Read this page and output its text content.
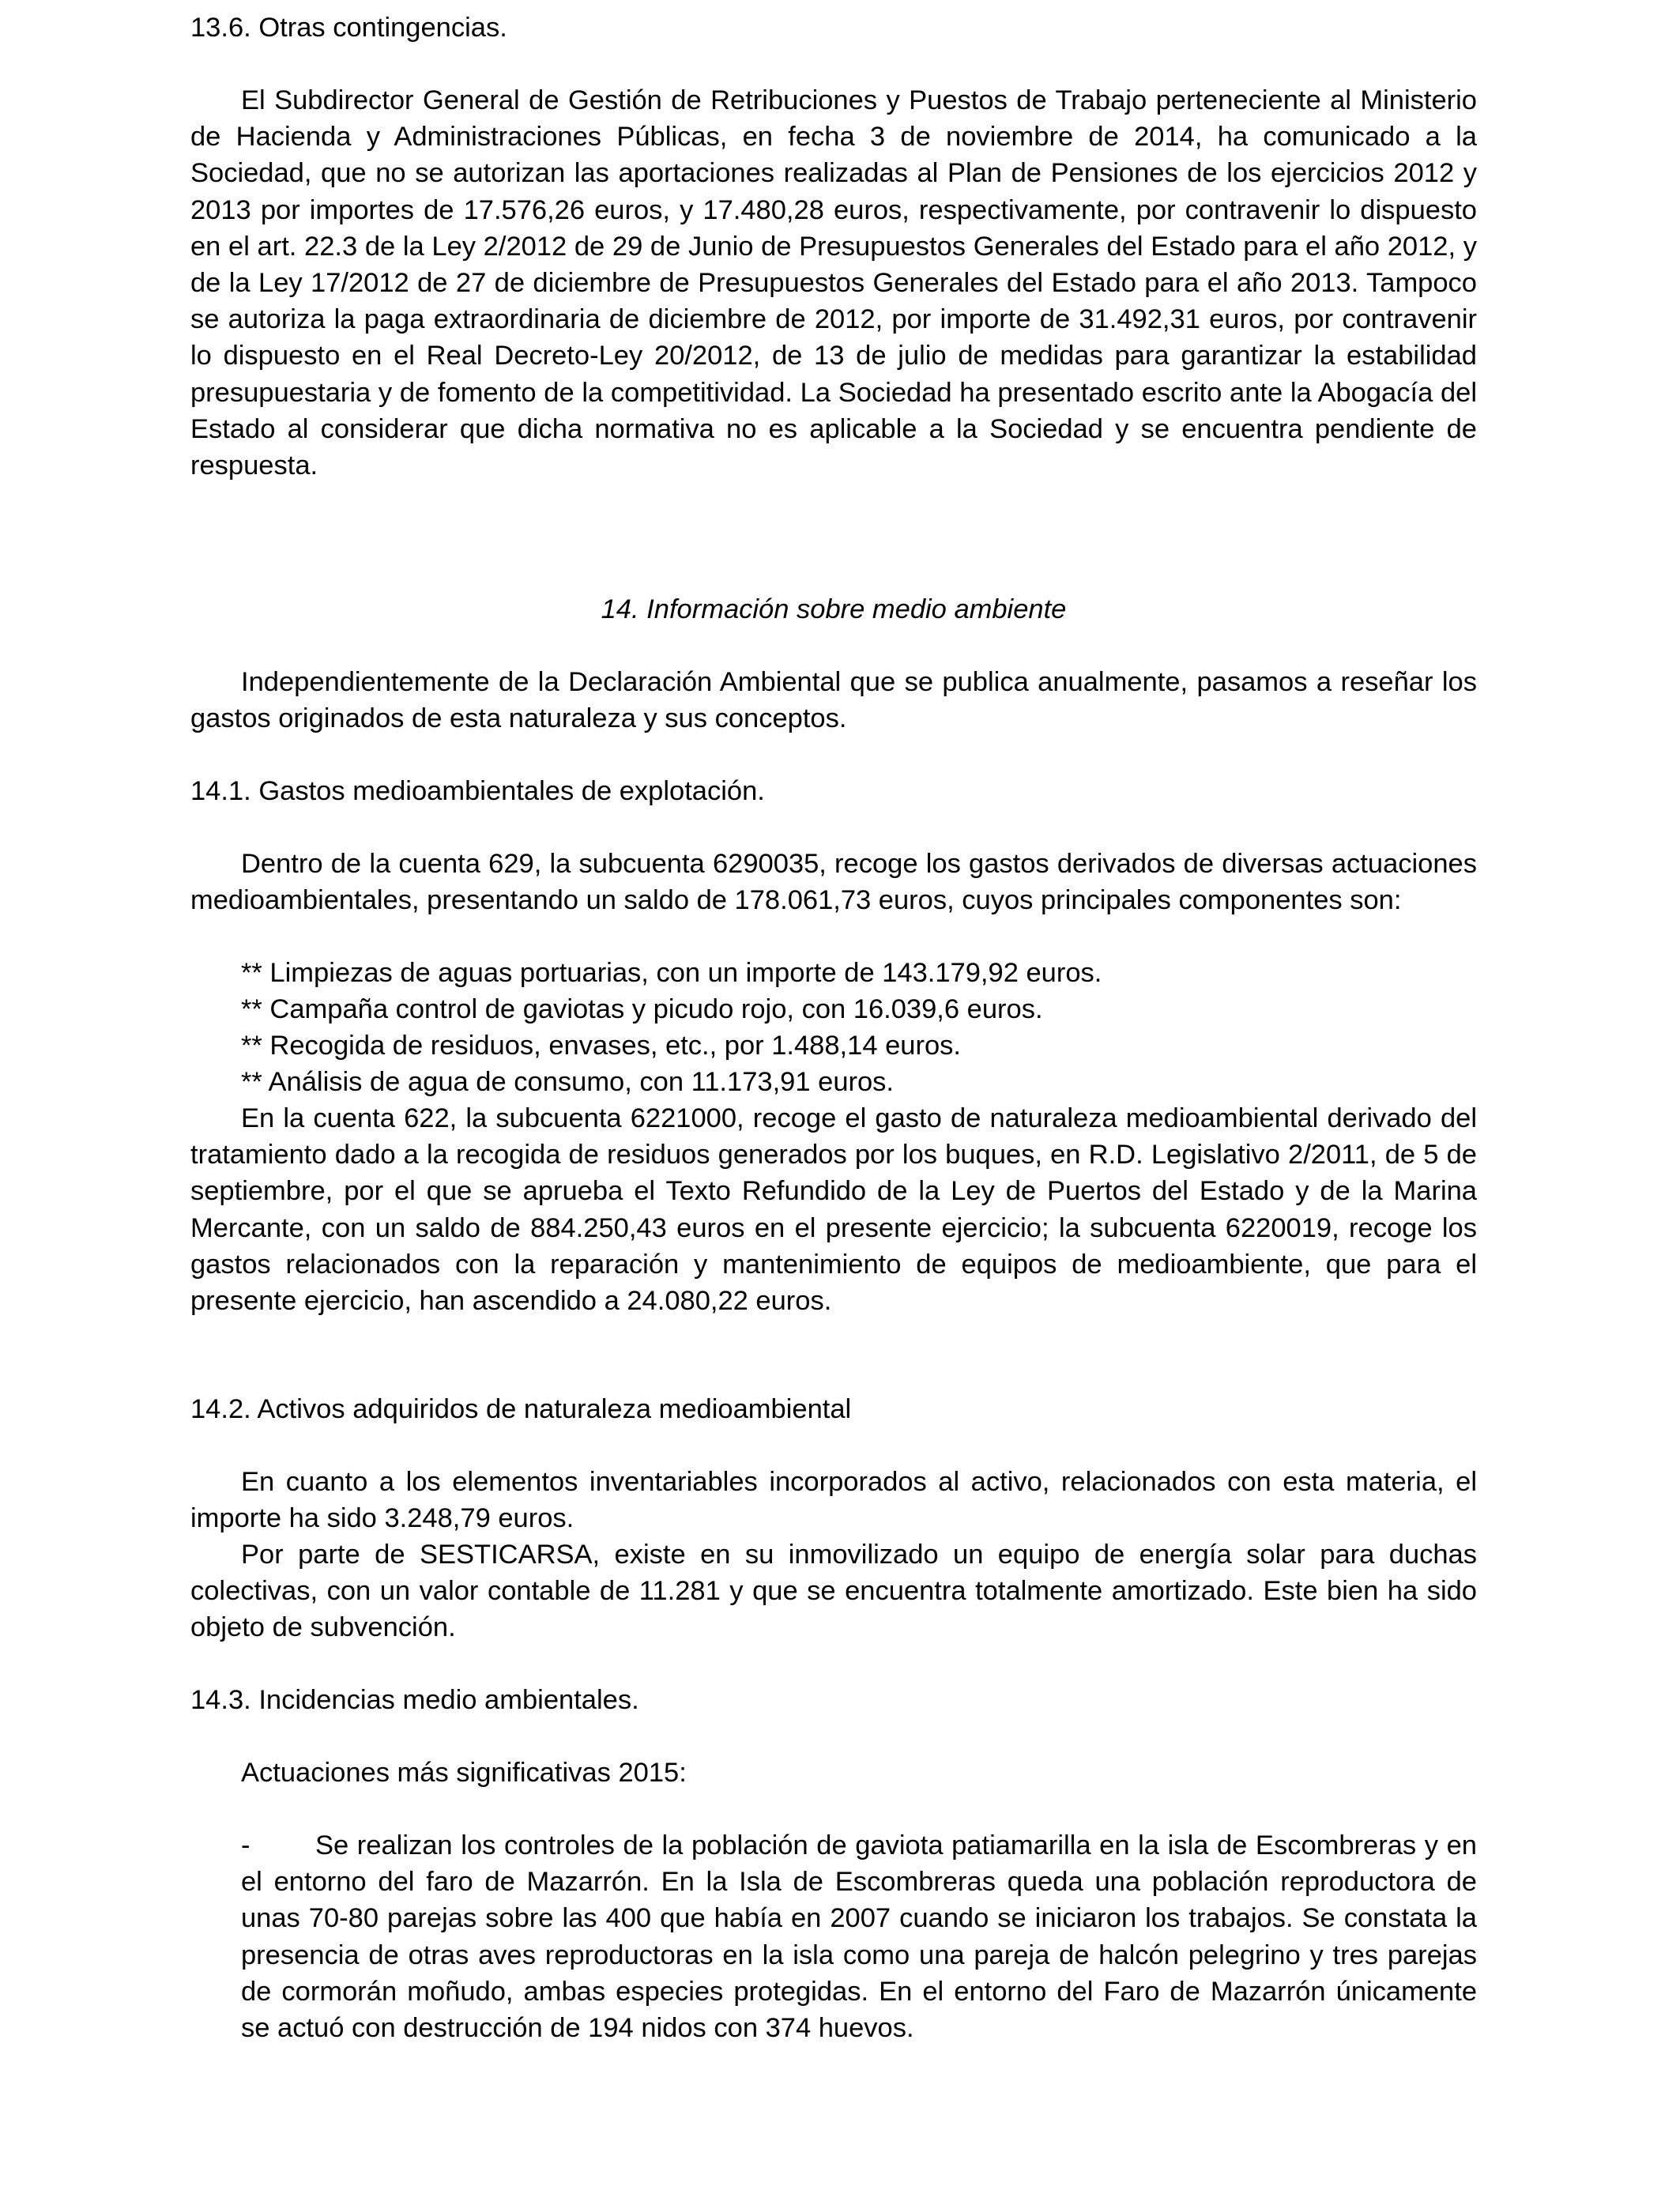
13.6. Otras contingencias.

El Subdirector General de Gestión de Retribuciones y Puestos de Trabajo perteneciente al Ministerio de Hacienda y Administraciones Públicas, en fecha 3 de noviembre de 2014, ha comunicado a la Sociedad, que no se autorizan las aportaciones realizadas al Plan de Pensiones de los ejercicios 2012 y 2013 por importes de 17.576,26 euros, y 17.480,28 euros, respectivamente, por contravenir lo dispuesto en el art. 22.3 de la Ley 2/2012 de 29 de Junio de Presupuestos Generales del Estado para el año 2012, y de la Ley 17/2012 de 27 de diciembre de Presupuestos Generales del Estado para el año 2013. Tampoco se autoriza la paga extraordinaria de diciembre de 2012, por importe de 31.492,31 euros, por contravenir lo dispuesto en el Real Decreto-Ley 20/2012, de 13 de julio de medidas para garantizar la estabilidad presupuestaria y de fomento de la competitividad. La Sociedad ha presentado escrito ante la Abogacía del Estado al considerar que dicha normativa no es aplicable a la Sociedad y se encuentra pendiente de respuesta.

14. Información sobre medio ambiente

Independientemente de la Declaración Ambiental que se publica anualmente, pasamos a reseñar los gastos originados de esta naturaleza y sus conceptos.

14.1. Gastos medioambientales de explotación.

Dentro de la cuenta 629, la subcuenta 6290035, recoge los gastos derivados de diversas actuaciones medioambientales, presentando un saldo de 178.061,73 euros, cuyos principales componentes son:

** Limpiezas de aguas portuarias, con un importe de 143.179,92 euros.

** Campaña control de gaviotas y picudo rojo, con 16.039,6 euros.

** Recogida de residuos, envases, etc., por 1.488,14 euros.

** Análisis de agua de consumo, con 11.173,91 euros.

En la cuenta 622, la subcuenta 6221000, recoge el gasto de naturaleza medioambiental derivado del tratamiento dado a la recogida de residuos generados por los buques, en R.D. Legislativo 2/2011, de 5 de septiembre, por el que se aprueba el Texto Refundido de la Ley de Puertos del Estado y de la Marina Mercante, con un saldo de 884.250,43 euros en el presente ejercicio; la subcuenta 6220019, recoge los gastos relacionados con la reparación y mantenimiento de equipos de medioambiente, que para el presente ejercicio, han ascendido a 24.080,22 euros.

14.2. Activos adquiridos de naturaleza medioambiental

En cuanto a los elementos inventariables incorporados al activo, relacionados con esta materia, el importe ha sido 3.248,79 euros.

Por parte de SESTICARSA, existe en su inmovilizado un equipo de energía solar para duchas colectivas, con un valor contable de 11.281 y que se encuentra totalmente amortizado. Este bien ha sido objeto de subvención.

14.3. Incidencias medio ambientales.

Actuaciones más significativas 2015:

- Se realizan los controles de la población de gaviota patiamarilla en la isla de Escombreras y en el entorno del faro de Mazarrón. En la Isla de Escombreras queda una población reproductora de unas 70-80 parejas sobre las 400 que había en 2007 cuando se iniciaron los trabajos. Se constata la presencia de otras aves reproductoras en la isla como una pareja de halcón pelegrino y tres parejas de cormorán moñudo, ambas especies protegidas. En el entorno del Faro de Mazarrón únicamente se actuó con destrucción de 194 nidos con 374 huevos.
